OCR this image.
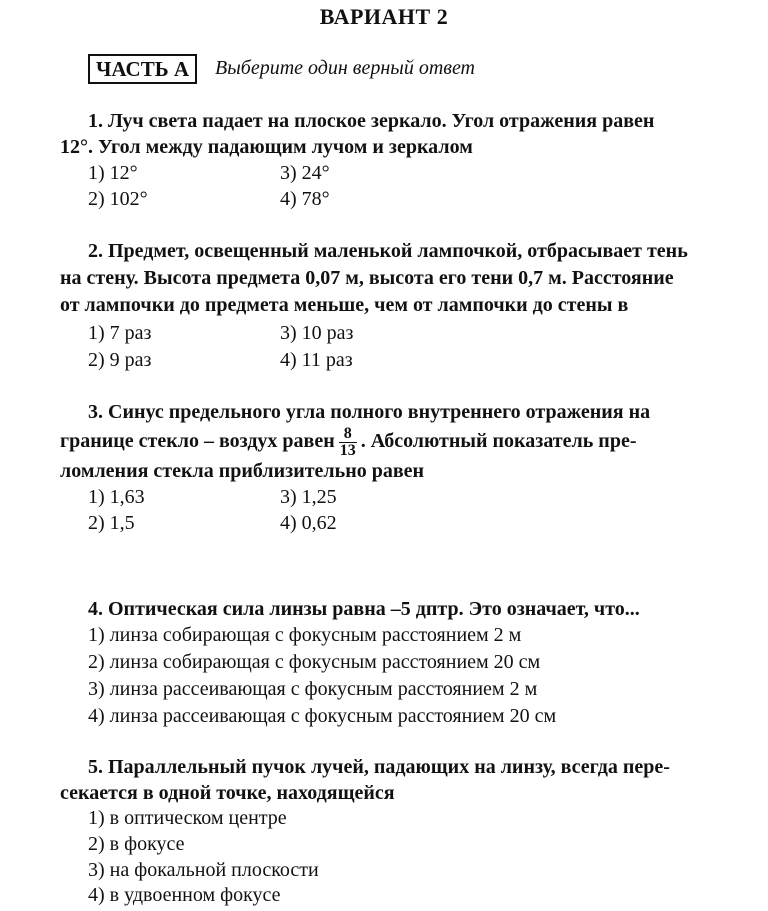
ВАРИАНТ 2
ЧАСТЬ А	Выберите один верный ответ
1. Луч света падает на плоское зеркало. Угол отражения равен
12°. Угол между падающим лучом и зеркалом
1) 12°	3) 24°
2) 102°	4) 78°
2. Предмет, освещенный маленькой лампочкой, отбрасывает тень
на стену. Высота предмета 0,07 м, высота его тени 0,7 м. Расстояние
от лампочки до предмета меньше, чем от лампочки до стены в
1) 7 раз	3) 10 раз
2) 9 раз	4) 11 раз
3. Синус предельного угла полного внутреннего отражения на
границе стекло – воздух равен $\frac{8}{13}$ . Абсолютный показатель пре-
ломления стекла приблизительно равен
1) 1,63	3) 1,25
2) 1,5	4) 0,62
4. Оптическая сила линзы равна –5 дптр. Это означает, что...
1) линза собирающая с фокусным расстоянием 2 м
2) линза собирающая с фокусным расстоянием 20 см
3) линза рассеивающая с фокусным расстоянием 2 м
4) линза рассеивающая с фокусным расстоянием 20 см
5. Параллельный пучок лучей, падающих на линзу, всегда пере-
секается в одной точке, находящейся
1) в оптическом центре
2) в фокусе
3) на фокальной плоскости
4) в удвоенном фокусе
